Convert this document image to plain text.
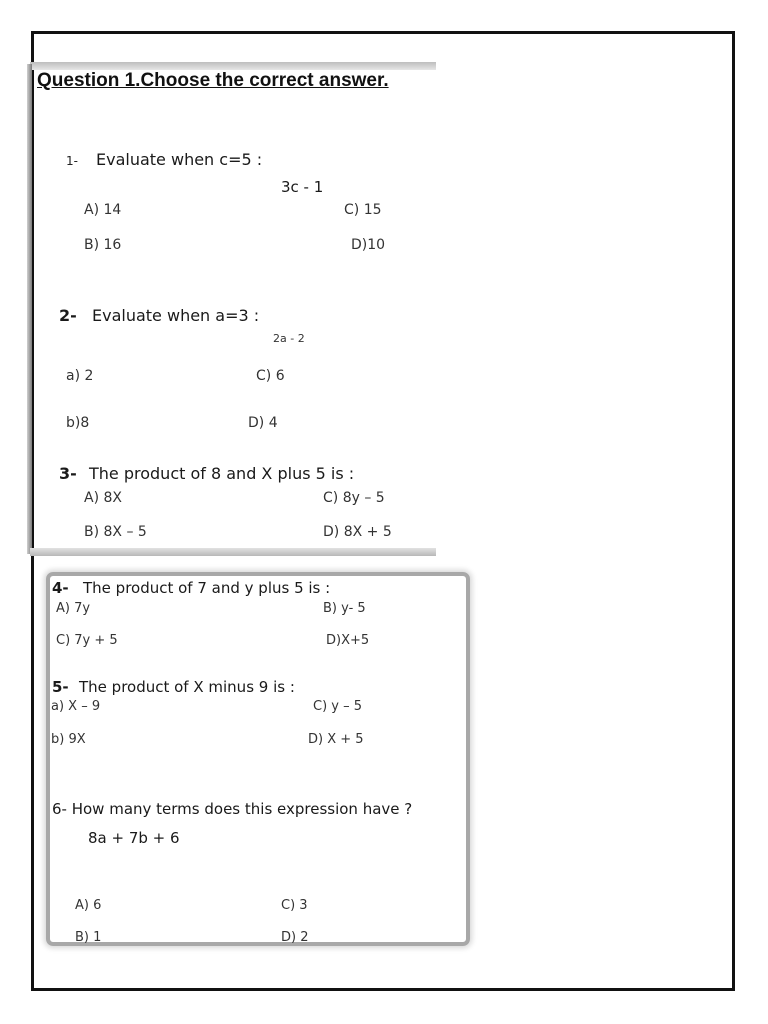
Question 1.Choose the correct answer.
1- Evaluate when c=5 :
3c - 1
A) 14	C) 15
B) 16	D)10
2- Evaluate when a=3 :
2a - 2
a) 2	C) 6
b)8	D) 4
3- The product of 8 and X plus 5 is :
A) 8X	C) 8y – 5
B) 8X – 5	D) 8X + 5
4- The product of 7 and y plus 5 is :
A) 7y	B) y- 5
C) 7y + 5	D)X+5
5- The product of X minus 9 is :
a) X – 9	C) y – 5
b) 9X	D) X + 5
6- How many terms does this expression have ?
8a + 7b + 6
A) 6	C) 3
B) 1	D) 2
